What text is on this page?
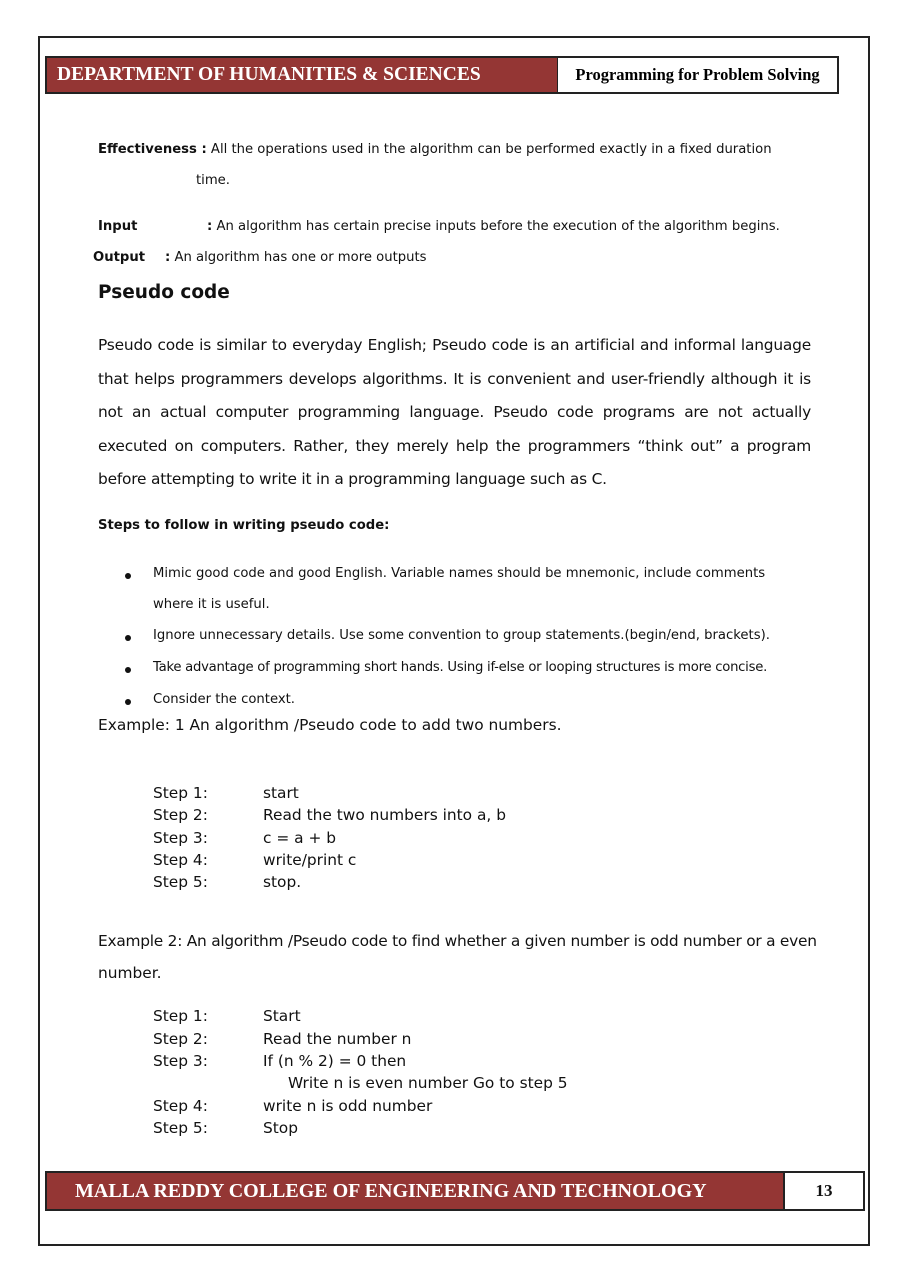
DEPARTMENT OF HUMANITIES & SCIENCES	Programming for Problem Solving
Effectiveness : All the operations used in the algorithm can be performed exactly in a fixed duration
time.
Input	: An algorithm has certain precise inputs before the execution of the algorithm begins.
Output : An algorithm has one or more outputs
Pseudo code
Pseudo code is similar to everyday English; Pseudo code is an artificial and informal language that helps programmers develops algorithms. It is convenient and user-friendly although it is not an actual computer programming language. Pseudo code programs are not actually executed on computers. Rather, they merely help the programmers “think out” a program before attempting to write it in a programming language such as C.
Steps to follow in writing pseudo code:
Mimic good code and good English. Variable names should be mnemonic, include comments
where it is useful.
Ignore unnecessary details. Use some convention to group statements.(begin/end, brackets).
Take advantage of programming short hands. Using if-else or looping structures is more concise.
Consider the context.
Example: 1 An algorithm /Pseudo code to add two numbers.
Step 1:	start
Step 2:	Read the two numbers into a, b
Step 3:	c = a + b
Step 4:	write/print c
Step 5:	stop.
Example 2: An algorithm /Pseudo code to find whether a given number is odd number or a even
number.
Step 1:	Start
Step 2:	Read the number n
Step 3:	If (n % 2) = 0 then
Write n is even number Go to step 5
Step 4:	write n is odd number
Step 5:	Stop
MALLA REDDY COLLEGE OF ENGINEERING AND TECHNOLOGY	13
